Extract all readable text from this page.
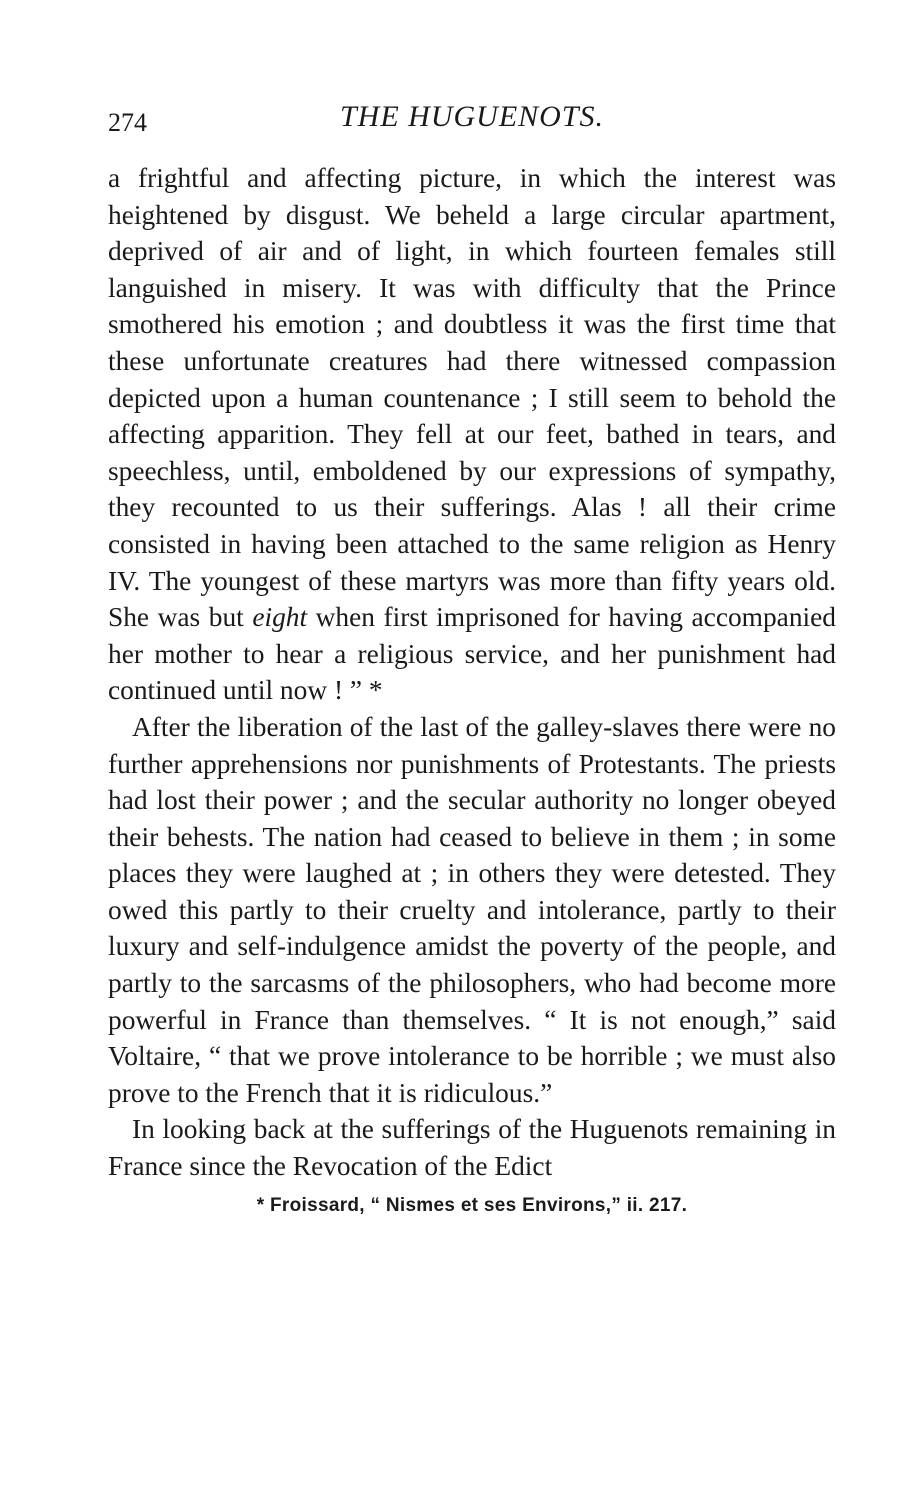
274	THE HUGUENOTS.

a frightful and affecting picture, in which the interest was heightened by disgust. We beheld a large circular apartment, deprived of air and of light, in which fourteen females still languished in misery. It was with difficulty that the Prince smothered his emotion ; and doubtless it was the first time that these unfortunate creatures had there witnessed compassion depicted upon a human countenance ; I still seem to behold the affecting apparition. They fell at our feet, bathed in tears, and speechless, until, emboldened by our expressions of sympathy, they recounted to us their sufferings. Alas ! all their crime consisted in having been attached to the same religion as Henry IV. The youngest of these martyrs was more than fifty years old. She was but eight when first imprisoned for having accompanied her mother to hear a religious service, and her punishment had continued until now ! ” *

After the liberation of the last of the galley-slaves there were no further apprehensions nor punishments of Protestants. The priests had lost their power ; and the secular authority no longer obeyed their behests. The nation had ceased to believe in them ; in some places they were laughed at ; in others they were detested. They owed this partly to their cruelty and intolerance, partly to their luxury and self-indulgence amidst the poverty of the people, and partly to the sarcasms of the philosophers, who had become more powerful in France than themselves. “ It is not enough,” said Voltaire, “ that we prove intolerance to be horrible ; we must also prove to the French that it is ridiculous.”

In looking back at the sufferings of the Huguenots remaining in France since the Revocation of the Edict

* Froissard, “ Nismes et ses Environs,” ii. 217.
